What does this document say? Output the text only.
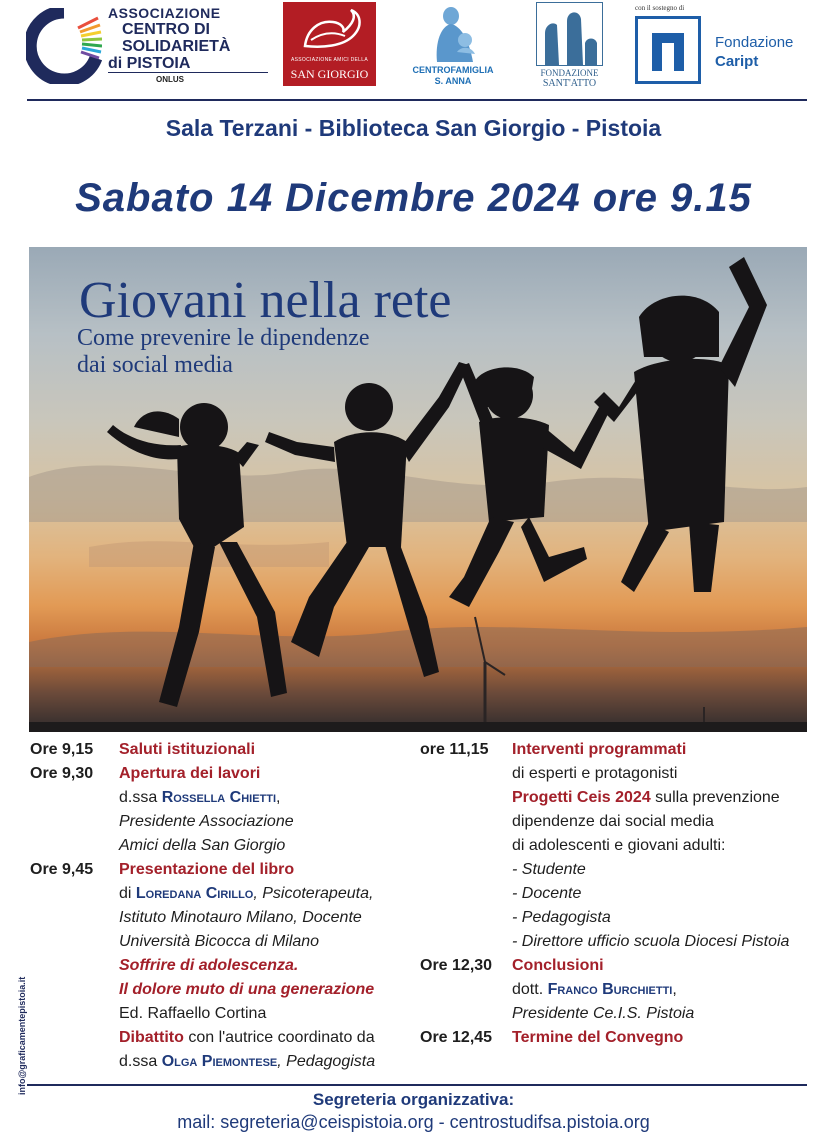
ASSOCIAZIONE
CENTRO DI
SOLIDARIETÀ
di PISTOIA
ONLUS
ASSOCIAZIONE AMICI DELLA
SAN GIORGIO	CENTROFAMIGLIA
S. ANNA
FONDAZIONE
SANT'ATTO
con il sostegno di
Fondazione
Caript
Sala Terzani - Biblioteca San Giorgio - Pistoia
Sabato 14 Dicembre 2024 ore 9.15
Giovani nella rete
Come prevenire le dipendenze
dai social media
Ore 9,15 Saluti istituzionali
Ore 9,30 Apertura dei lavori
d.ssa Rossella Chietti,
Presidente Associazione
Amici della San Giorgio
Ore 9,45 Presentazione del libro
di Loredana Cirillo, Psicoterapeuta,
Istituto Minotauro Milano, Docente
Università Bicocca di Milano
Soffrire di adolescenza.
Il dolore muto di una generazione
Ed. Raffaello Cortina
Dibattito con l'autrice coordinato da
d.ssa Olga Piemontese, Pedagogista
ore 11,15 Interventi programmati
di esperti e protagonisti
Progetti Ceis 2024 sulla prevenzione
dipendenze dai social media
di adolescenti e giovani adulti:
- Studente
- Docente
- Pedagogista
- Direttore ufficio scuola Diocesi Pistoia
Ore 12,30 Conclusioni
dott. Franco Burchietti,
Presidente Ce.I.S. Pistoia
Ore 12,45 Termine del Convegno
Segreteria organizzativa:
mail: segreteria@ceispistoia.org - centrostudifsa.pistoia.org
info@graficamentepistoia.it
